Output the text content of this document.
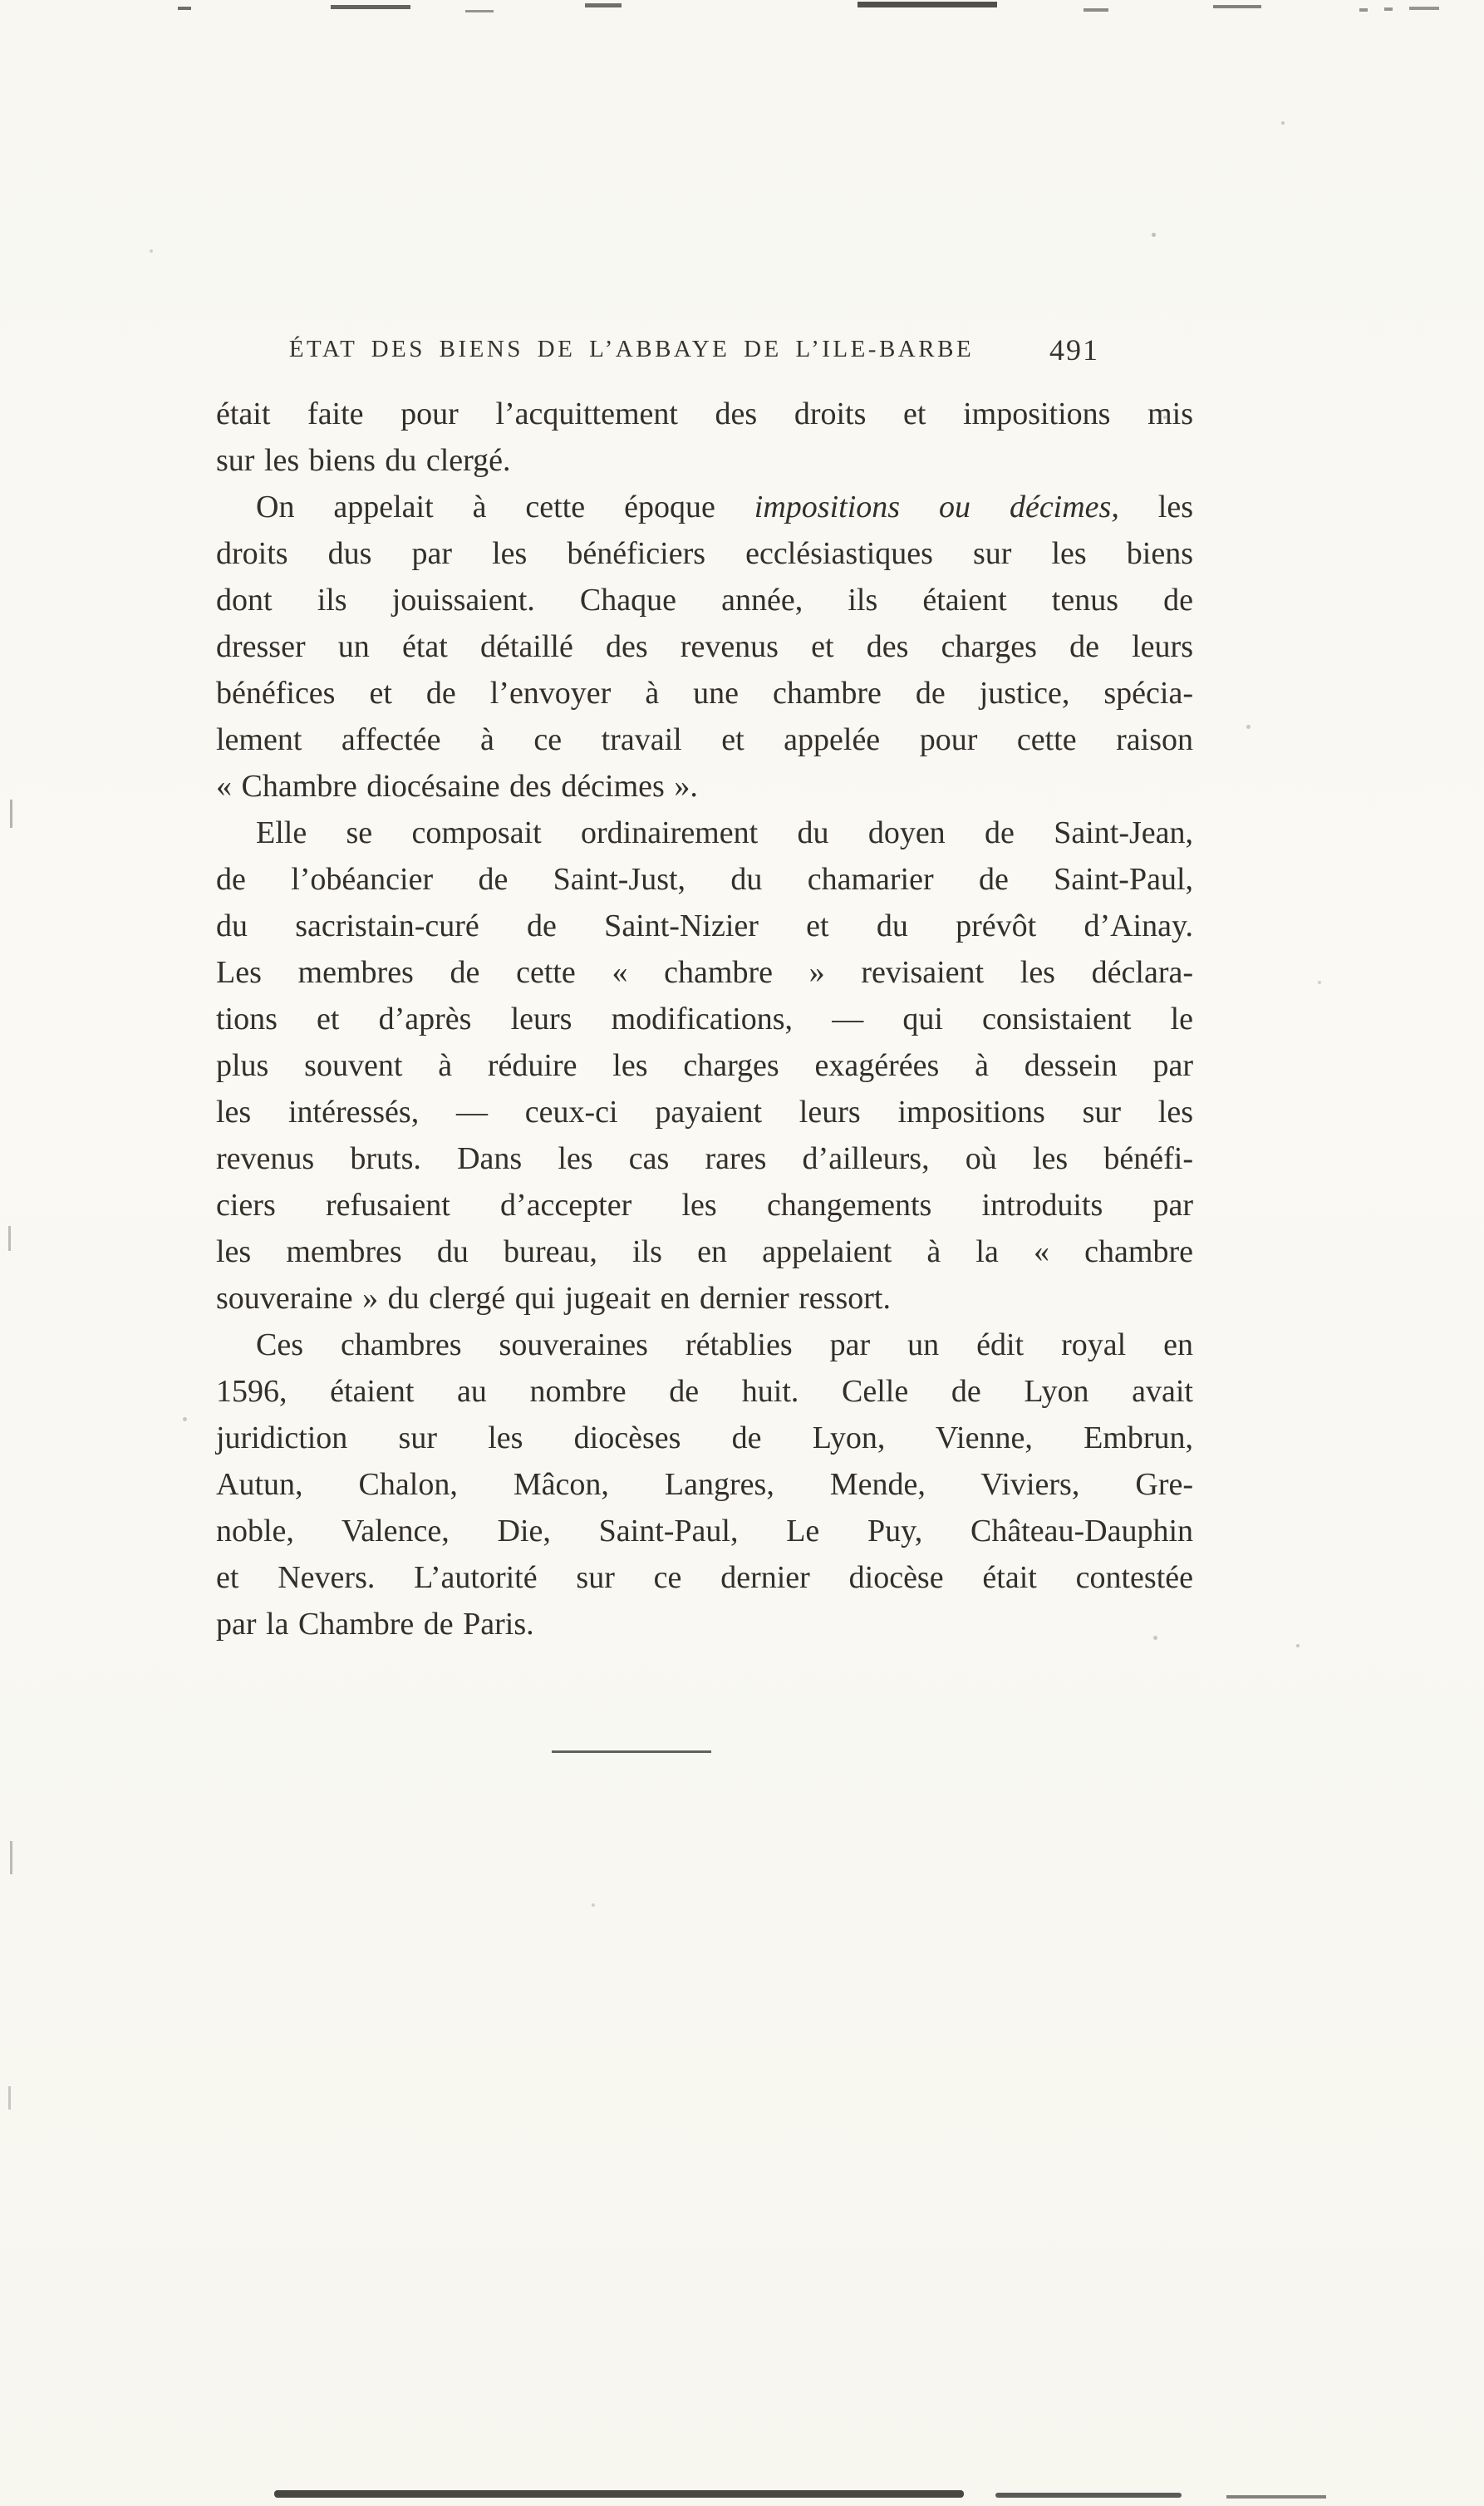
ÉTAT DES BIENS DE L’ABBAYE DE L’ILE-BARBE	491
était faite pour l’acquittement des droits et impositions mis
sur les biens du clergé.
On appelait à cette époque impositions ou décimes, les
droits dus par les bénéficiers ecclésiastiques sur les biens
dont ils jouissaient. Chaque année, ils étaient tenus de
dresser un état détaillé des revenus et des charges de leurs
bénéfices et de l’envoyer à une chambre de justice, spécia-
lement affectée à ce travail et appelée pour cette raison
« Chambre diocésaine des décimes ».
Elle se composait ordinairement du doyen de Saint-Jean,
de l’obéancier de Saint-Just, du chamarier de Saint-Paul,
du sacristain-curé de Saint-Nizier et du prévôt d’Ainay.
Les membres de cette « chambre » revisaient les déclara-
tions et d’après leurs modifications, — qui consistaient le
plus souvent à réduire les charges exagérées à dessein par
les intéressés, — ceux-ci payaient leurs impositions sur les
revenus bruts. Dans les cas rares d’ailleurs, où les bénéfi-
ciers refusaient d’accepter les changements introduits par
les membres du bureau, ils en appelaient à la « chambre
souveraine » du clergé qui jugeait en dernier ressort.
Ces chambres souveraines rétablies par un édit royal en
1596, étaient au nombre de huit. Celle de Lyon avait
juridiction sur les diocèses de Lyon, Vienne, Embrun,
Autun, Chalon, Mâcon, Langres, Mende, Viviers, Gre-
noble, Valence, Die, Saint-Paul, Le Puy, Château-Dauphin
et Nevers. L’autorité sur ce dernier diocèse était contestée
par la Chambre de Paris.
